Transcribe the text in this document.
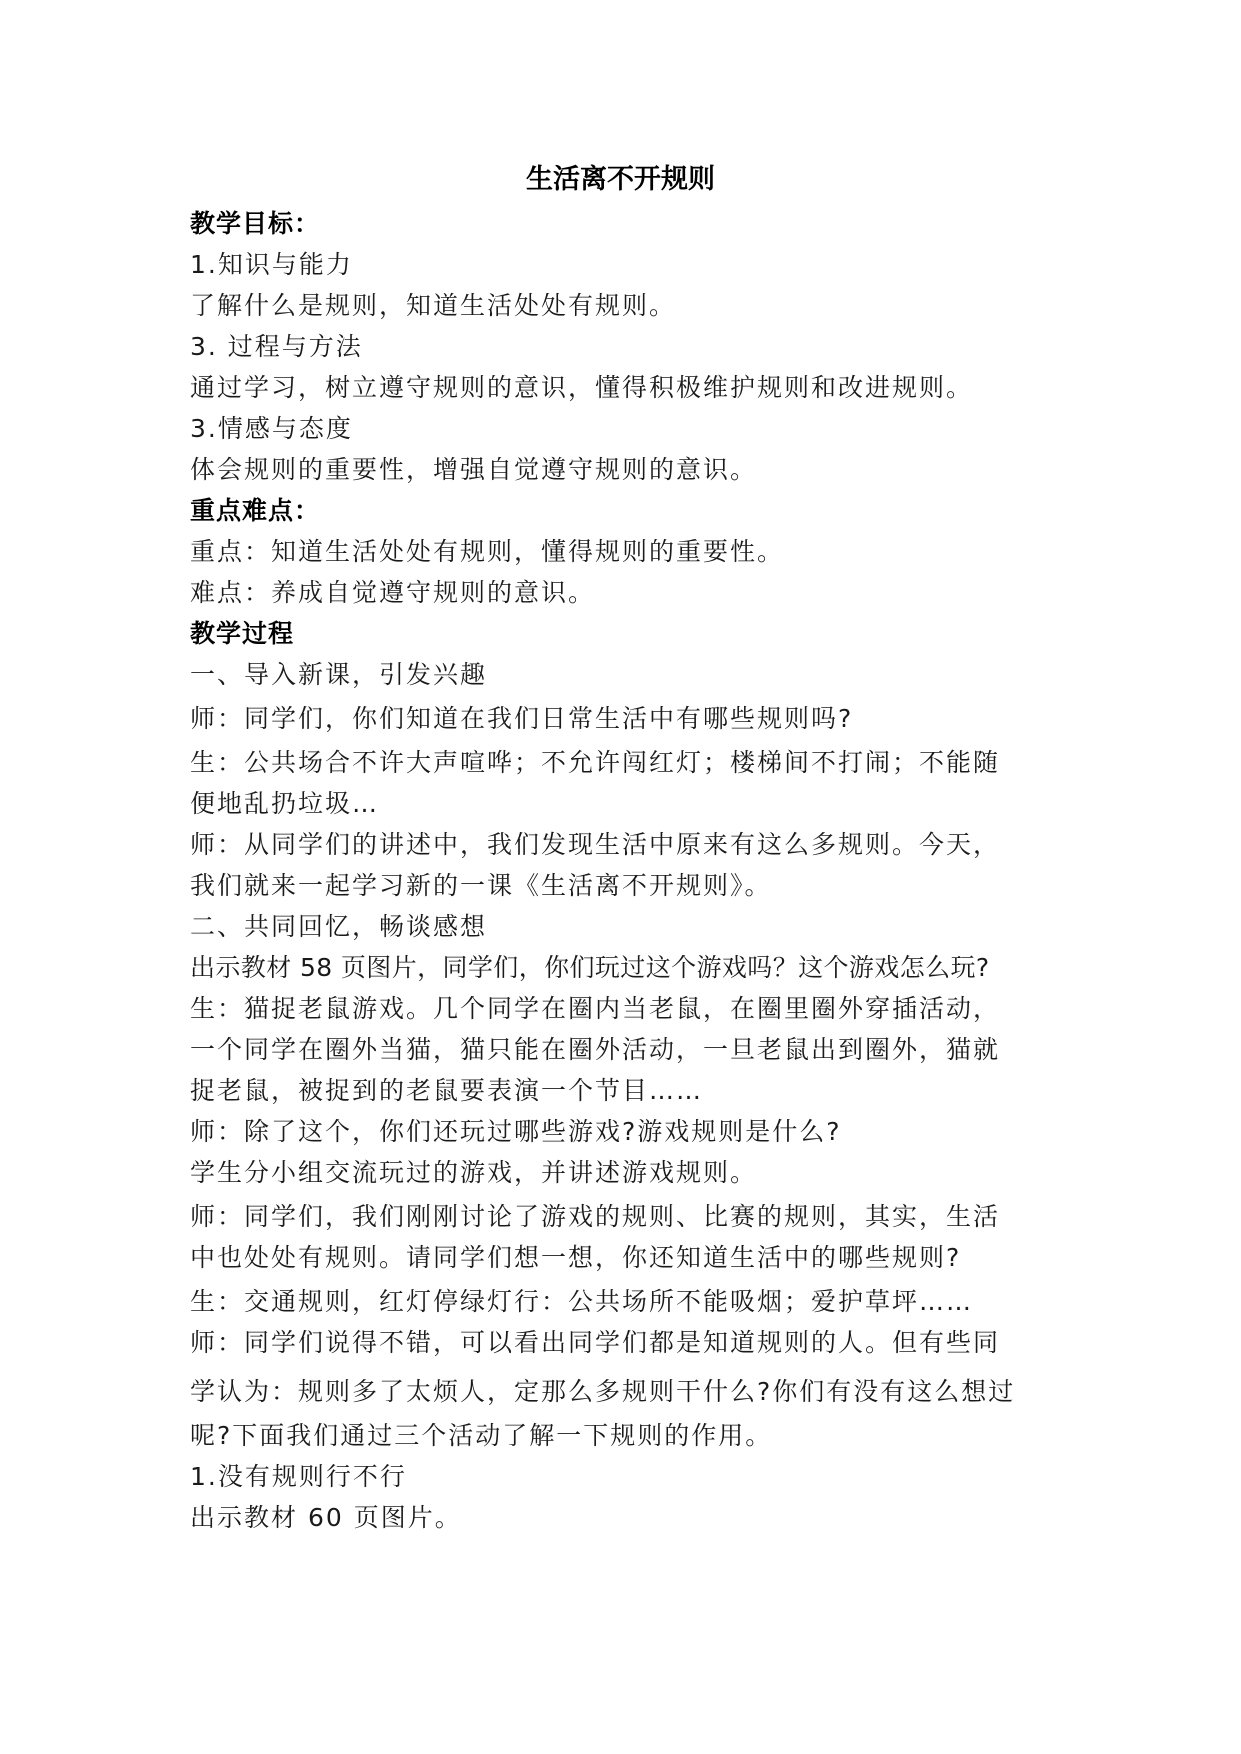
生活离不开规则
教学目标：
1.知识与能力
了解什么是规则，知道生活处处有规则。
3. 过程与方法
通过学习，树立遵守规则的意识，懂得积极维护规则和改进规则。
3.情感与态度
体会规则的重要性，增强自觉遵守规则的意识。
重点难点：
重点：知道生活处处有规则，懂得规则的重要性。
难点：养成自觉遵守规则的意识。
教学过程
一、导入新课，引发兴趣
师：同学们，你们知道在我们日常生活中有哪些规则吗?
生：公共场合不许大声喧哗；不允许闯红灯；楼梯间不打闹；不能随
便地乱扔垃圾…
师：从同学们的讲述中，我们发现生活中原来有这么多规则。今天，
我们就来一起学习新的一课《生活离不开规则》。
二、共同回忆，畅谈感想
出示教材 58 页图片，同学们，你们玩过这个游戏吗？这个游戏怎么玩?
生：猫捉老鼠游戏。几个同学在圈内当老鼠，在圈里圈外穿插活动，
一个同学在圈外当猫，猫只能在圈外活动，一旦老鼠出到圈外，猫就
捉老鼠，被捉到的老鼠要表演一个节目……
师：除了这个，你们还玩过哪些游戏?游戏规则是什么?
学生分小组交流玩过的游戏，并讲述游戏规则。
师：同学们，我们刚刚讨论了游戏的规则、比赛的规则，其实，生活
中也处处有规则。请同学们想一想，你还知道生活中的哪些规则?
生：交通规则，红灯停绿灯行：公共场所不能吸烟；爱护草坪……
师：同学们说得不错，可以看出同学们都是知道规则的人。但有些同
学认为：规则多了太烦人，定那么多规则干什么?你们有没有这么想过
呢?下面我们通过三个活动了解一下规则的作用。
1.没有规则行不行
出示教材 60 页图片。
